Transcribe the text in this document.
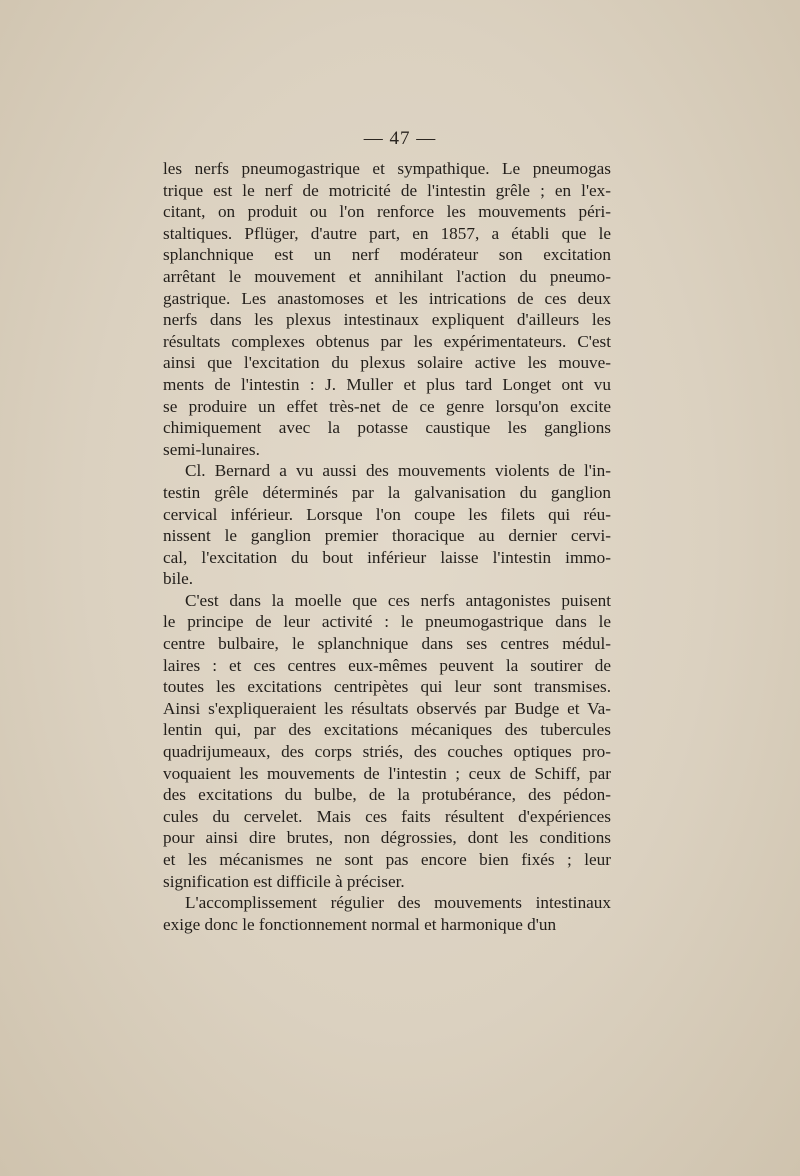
— 47 —
les nerfs pneumogastrique et sympathique. Le pneumogas
trique est le nerf de motricité de l'intestin grêle ; en l'ex-
citant, on produit ou l'on renforce les mouvements péri-
staltiques. Pflüger, d'autre part, en 1857, a établi que le
splanchnique est un nerf modérateur son excitation
arrêtant le mouvement et annihilant l'action du pneumo-
gastrique. Les anastomoses et les intrications de ces deux
nerfs dans les plexus intestinaux expliquent d'ailleurs les
résultats complexes obtenus par les expérimentateurs. C'est
ainsi que l'excitation du plexus solaire active les mouve-
ments de l'intestin : J. Muller et plus tard Longet ont vu
se produire un effet très-net de ce genre lorsqu'on excite
chimiquement avec la potasse caustique les ganglions
semi-lunaires.
Cl. Bernard a vu aussi des mouvements violents de l'in-
testin grêle déterminés par la galvanisation du ganglion
cervical inférieur. Lorsque l'on coupe les filets qui réu-
nissent le ganglion premier thoracique au dernier cervi-
cal, l'excitation du bout inférieur laisse l'intestin immo-
bile.
C'est dans la moelle que ces nerfs antagonistes puisent
le principe de leur activité : le pneumogastrique dans le
centre bulbaire, le splanchnique dans ses centres médul-
laires : et ces centres eux-mêmes peuvent la soutirer de
toutes les excitations centripètes qui leur sont transmises.
Ainsi s'expliqueraient les résultats observés par Budge et Va-
lentin qui, par des excitations mécaniques des tubercules
quadrijumeaux, des corps striés, des couches optiques pro-
voquaient les mouvements de l'intestin ; ceux de Schiff, par
des excitations du bulbe, de la protubérance, des pédon-
cules du cervelet. Mais ces faits résultent d'expériences
pour ainsi dire brutes, non dégrossies, dont les conditions
et les mécanismes ne sont pas encore bien fixés ; leur
signification est difficile à préciser.
L'accomplissement régulier des mouvements intestinaux
exige donc le fonctionnement normal et harmonique d'un
